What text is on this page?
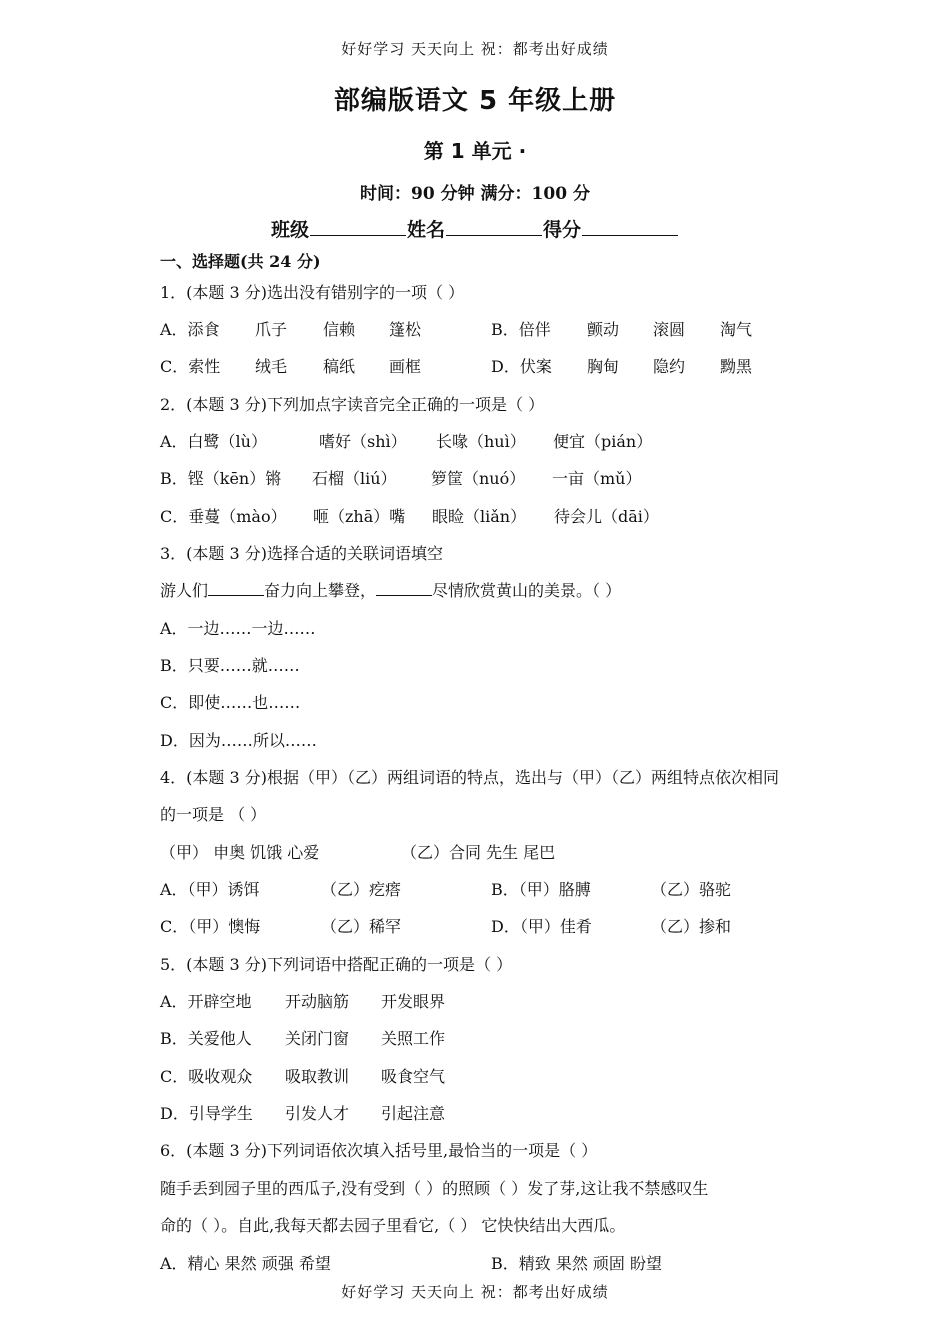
好好学习 天天向上 祝：都考出好成绩
部编版语文 5 年级上册
第 1 单元 ·
时间：90 分钟 满分：100 分
班级	姓名	得分
一、选择题(共 24 分)
1．(本题 3 分)选出没有错别字的一项（ ）
A．添食 爪子 信赖 篷松	B．倍伴 颤动 滚圆 淘气
C．索性 绒毛 稿纸 画框	D．伏案 胸甸 隐约 黝黑
2．(本题 3 分)下列加点字读音完全正确的一项是（ ）
A．白鹭（lù）	嗜好（shì） 长喙（huì） 便宜（pián）
B．铿（kēn）锵 石榴（liú） 箩筐（nuó） 一亩（mǔ）
C．垂蔓（mào） 咂（zhā）嘴 眼睑（liǎn） 待会儿（dāi）
3．(本题 3 分)选择合适的关联词语填空
游人们	奋力向上攀登，	尽情欣赏黄山的美景。（ ）
A．一边……一边……
B．只要……就……
C．即使……也……
D．因为……所以……
4．(本题 3 分)根据（甲）（乙）两组词语的特点，选出与（甲）（乙）两组特点依次相同
的一项是 （ ）
（甲） 申奥 饥饿 心爱	（乙）合同 先生 尾巴
A．（甲）诱饵	（乙）疙瘩	B．（甲）胳膊	（乙）骆驼
C．（甲）懊悔	（乙）稀罕	D．（甲）佳肴	（乙）掺和
5．(本题 3 分)下列词语中搭配正确的一项是（ ）
A．开辟空地 开动脑筋 开发眼界
B．关爱他人 关闭门窗 关照工作
C．吸收观众 吸取教训 吸食空气
D．引导学生 引发人才 引起注意
6．(本题 3 分)下列词语依次填入括号里,最恰当的一项是（ ）
随手丢到园子里的西瓜子,没有受到（ ）的照顾（ ）发了芽,这让我不禁感叹生
命的（ ）。自此,我每天都去园子里看它,（ ） 它快快结出大西瓜。
A．精心 果然 顽强 希望	B．精致 果然 顽固 盼望
好好学习 天天向上 祝：都考出好成绩
